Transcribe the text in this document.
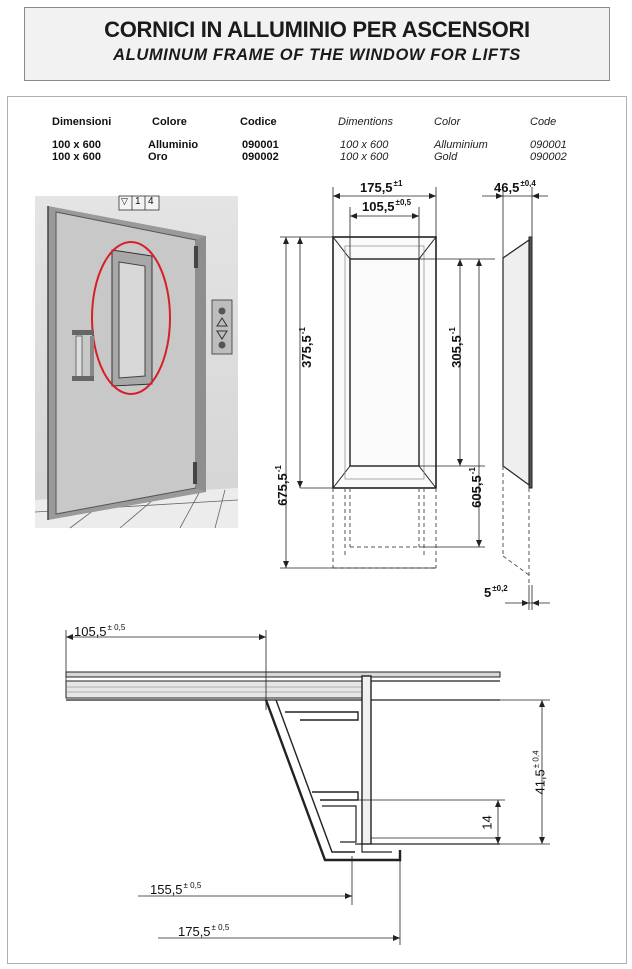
CORNICI IN ALLUMINIO PER ASCENSORI
ALUMINUM FRAME OF THE WINDOW FOR LIFTS
Dimensioni	Colore	Codice	Dimentions	Color	Code
100 x 600	Alluminio	090001	100 x 600	Alluminium	090001
100 x 600	Oro	090002	100 x 600	Gold	090002
▽ 1 4
$175,5^{\pm 1}$
$105,5^{\pm 0,5}$
$375,5^{-1}$
$675,5^{-1}$
$305,5^{-1}$
$605,5^{-1}$
$46,5^{\pm 0,4}$
$5^{\pm 0,2}$
$105,5^{\pm 0,5}$
$41,5^{\pm 0,4}$
14
$155,5^{\pm 0,5}$
$175,5^{\pm 0,5}$
